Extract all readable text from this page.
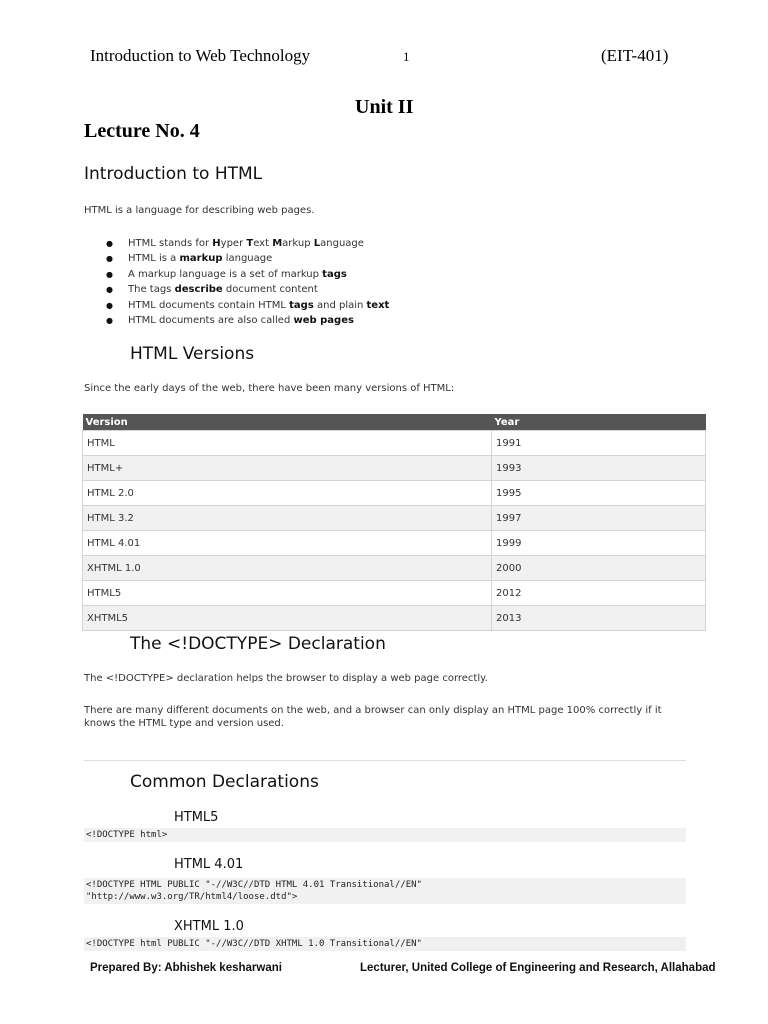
Introduction to Web Technology	1	(EIT-401)
Unit II
Lecture No. 4
Introduction to HTML
HTML is a language for describing web pages.
● HTML stands for Hyper Text Markup Language
● HTML is a markup language
● A markup language is a set of markup tags
● The tags describe document content
● HTML documents contain HTML tags and plain text
● HTML documents are also called web pages
HTML Versions
Since the early days of the web, there have been many versions of HTML:
Version	Year
HTML	1991
HTML+	1993
HTML 2.0	1995
HTML 3.2	1997
HTML 4.01	1999
XHTML 1.0	2000
HTML5	2012
XHTML5	2013
The <!DOCTYPE> Declaration
The <!DOCTYPE> declaration helps the browser to display a web page correctly.
There are many different documents on the web, and a browser can only display an HTML page 100% correctly if it knows the HTML type and version used.
Common Declarations
HTML5
<!DOCTYPE html>
HTML 4.01
<!DOCTYPE HTML PUBLIC "-//W3C//DTD HTML 4.01 Transitional//EN"
"http://www.w3.org/TR/html4/loose.dtd">
XHTML 1.0
<!DOCTYPE html PUBLIC "-//W3C//DTD XHTML 1.0 Transitional//EN"
Prepared By: Abhishek kesharwani	Lecturer, United College of Engineering and Research, Allahabad
